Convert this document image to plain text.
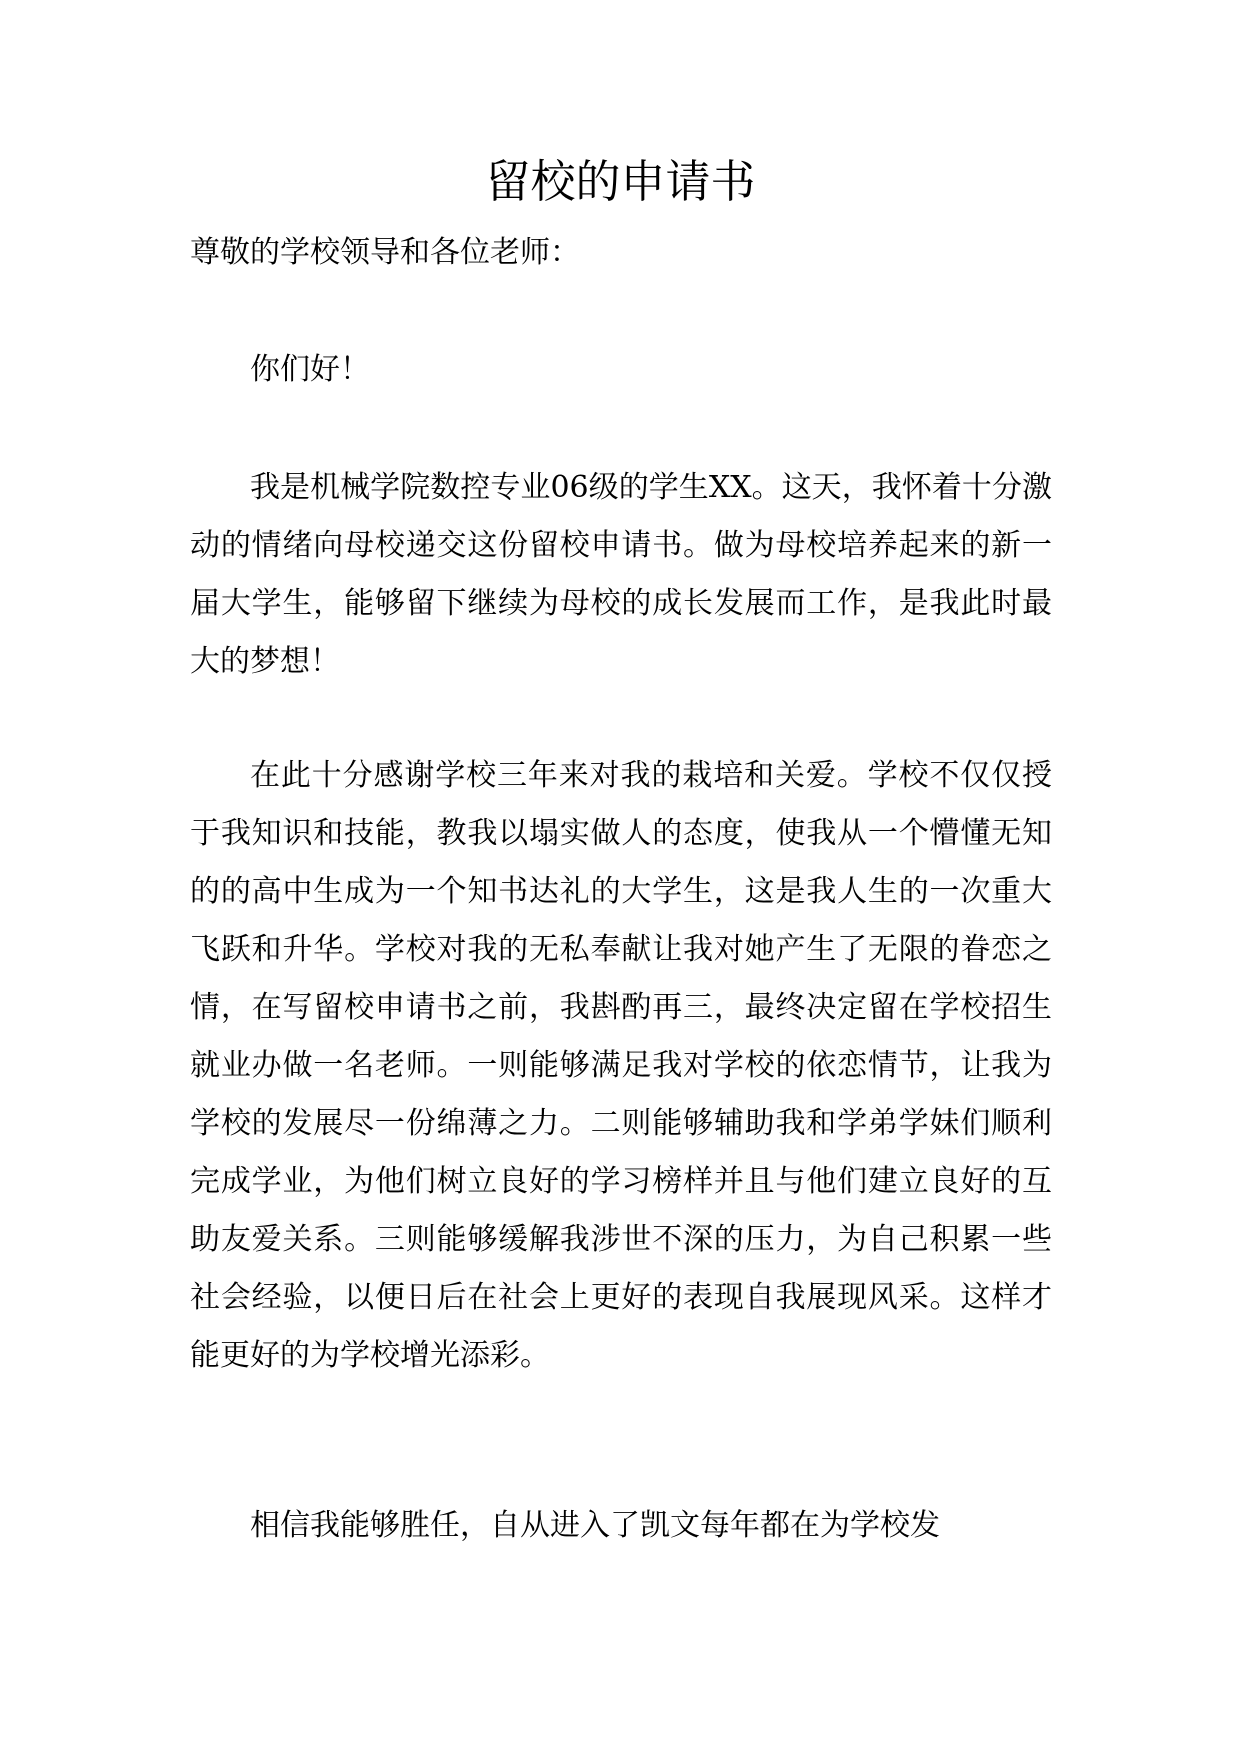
留校的申请书
尊敬的学校领导和各位老师：

你们好！

我是机械学院数控专业06级的学生XX。这天，我怀着十分激动的情绪向母校递交这份留校申请书。做为母校培养起来的新一届大学生，能够留下继续为母校的成长发展而工作，是我此时最大的梦想！

在此十分感谢学校三年来对我的栽培和关爱。学校不仅仅授于我知识和技能，教我以塌实做人的态度，使我从一个懵懂无知的的高中生成为一个知书达礼的大学生，这是我人生的一次重大飞跃和升华。学校对我的无私奉献让我对她产生了无限的眷恋之情，在写留校申请书之前，我斟酌再三，最终决定留在学校招生就业办做一名老师。一则能够满足我对学校的依恋情节，让我为学校的发展尽一份绵薄之力。二则能够辅助我和学弟学妹们顺利完成学业，为他们树立良好的学习榜样并且与他们建立良好的互助友爱关系。三则能够缓解我涉世不深的压力，为自己积累一些社会经验，以便日后在社会上更好的表现自我展现风采。这样才能更好的为学校增光添彩。

相信我能够胜任，自从进入了凯文每年都在为学校发
